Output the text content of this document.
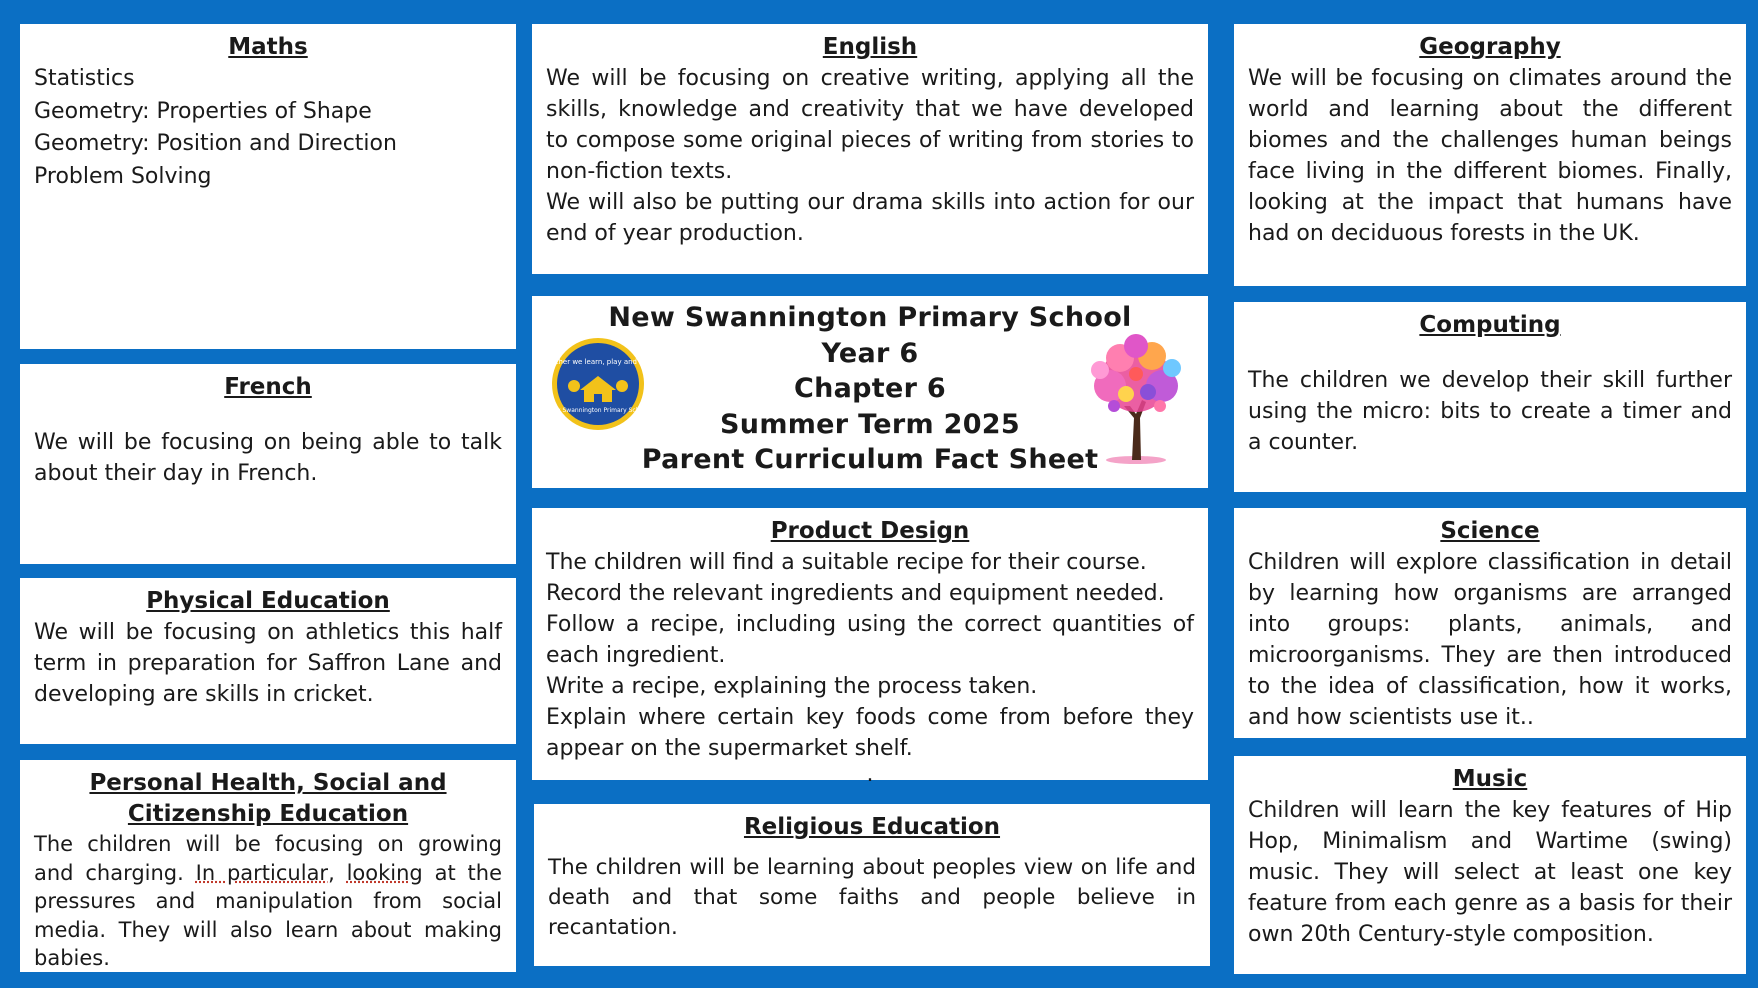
Maths
Statistics
Geometry: Properties of Shape
Geometry: Position and Direction
Problem Solving
French

We will be focusing on being able to talk about their day in French.

Physical Education

We will be focusing on athletics this half term in preparation for Saffron Lane and developing are skills in cricket.

Personal Health, Social and Citizenship Education

The children will be focusing on growing and charging. In particular, looking at the pressures and manipulation from social media. They will also learn about making babies.

English

We will be focusing on creative writing, applying all the skills, knowledge and creativity that we have developed to compose some original pieces of writing from stories to non-fiction texts.

We will also be putting our drama skills into action for our end of year production.

Together we learn, play and grow
New Swannington Primary School
New Swannington Primary School
Year 6
Chapter 6
Summer Term 2025
Parent Curriculum Fact Sheet
Product Design

The children will find a suitable recipe for their course.

Record the relevant ingredients and equipment needed.

Follow a recipe, including using the correct quantities of each ingredient.

Write a recipe, explaining the process taken.

Explain where certain key foods come from before they appear on the supermarket shelf.

.

Religious Education

The children will be learning about peoples view on life and death and that some faiths and people believe in recantation.

Geography

We will be focusing on climates around the world and learning about the different biomes and the challenges human beings face living in the different biomes. Finally, looking at the impact that humans have had on deciduous forests in the UK.

Computing

The children we develop their skill further using the micro: bits to create a timer and a counter.

Science

Children will explore classification in detail by learning how organisms are arranged into groups: plants, animals, and microorganisms. They are then introduced to the idea of classification, how it works, and how scientists use it..

Music

Children will learn the key features of Hip Hop, Minimalism and Wartime (swing) music. They will select at least one key feature from each genre as a basis for their own 20th Century-style composition.
